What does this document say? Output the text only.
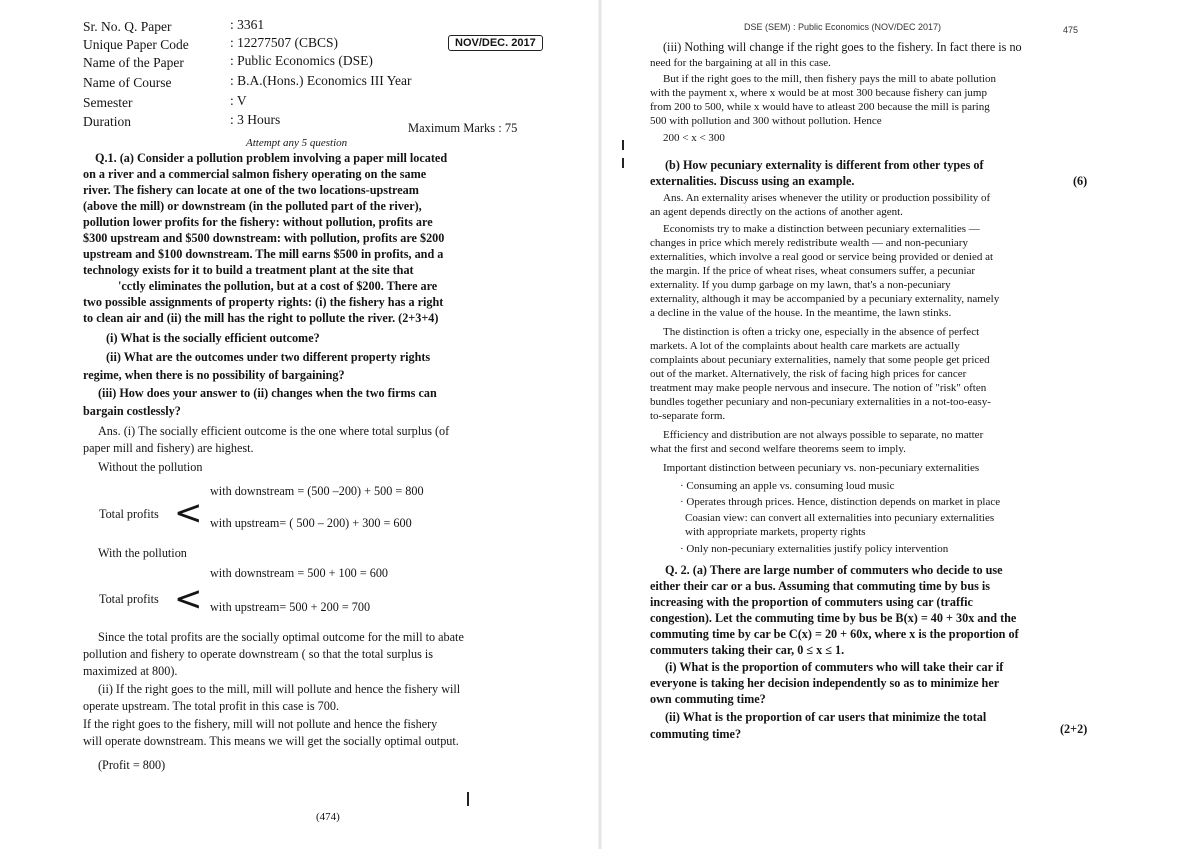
Sr. No. Q. Paper	: 3361
Unique Paper Code	: 12277507 (CBCS)
Name of the Paper	: Public Economics (DSE)
Name of Course	: B.A.(Hons.) Economics III Year
Semester	: V
Duration	: 3 Hours
NOV/DEC. 2017
Maximum Marks : 75
Attempt any 5 question
Q.1. (a) Consider a pollution problem involving a paper mill located
on a river and a commercial salmon fishery operating on the same
river. The fishery can locate at one of the two locations-upstream
(above the mill) or downstream (in the polluted part of the river),
pollution lower profits for the fishery: without pollution, profits are
$300 upstream and $500 downstream: with pollution, profits are $200
upstream and $100 downstream. The mill earns $500 in profits, and a
technology exists for it to build a treatment plant at the site that
'cctly eliminates the pollution, but at a cost of $200. There are
two possible assignments of property rights: (i) the fishery has a right
to clean air and (ii) the mill has the right to pollute the river. (2+3+4)
(i) What is the socially efficient outcome?
(ii) What are the outcomes under two different property rights
regime, when there is no possibility of bargaining?
(iii) How does your answer to (ii) changes when the two firms can
bargain costlessly?
Ans. (i) The socially efficient outcome is the one where total surplus (of
paper mill and fishery) are highest.
Without the pollution
Total profits <
with downstream = (500 –200) + 500 = 800
with upstream= ( 500 – 200) + 300 = 600
With the pollution
Total profits <
with downstream = 500 + 100 = 600
with upstream= 500 + 200 = 700
Since the total profits are the socially optimal outcome for the mill to abate
pollution and fishery to operate downstream ( so that the total surplus is
maximized at 800).
(ii) If the right goes to the mill, mill will pollute and hence the fishery will
operate upstream. The total profit in this case is 700.
If the right goes to the fishery, mill will not pollute and hence the fishery
will operate downstream. This means we will get the socially optimal output.
(Profit = 800)
(474)
DSE (SEM) : Public Economics (NOV/DEC 2017)	475
(iii) Nothing will change if the right goes to the fishery. In fact there is no
need for the bargaining at all in this case.
But if the right goes to the mill, then fishery pays the mill to abate pollution
with the payment x, where x would be at most 300 because fishery can jump
from 200 to 500, while x would have to atleast 200 because the mill is paring
500 with pollution and 300 without pollution. Hence
200 < x < 300
(b) How pecuniary externality is different from other types of
externalities. Discuss using an example.	(6)
Ans. An externality arises whenever the utility or production possibility of
an agent depends directly on the actions of another agent.
Economists try to make a distinction between pecuniary externalities —
changes in price which merely redistribute wealth — and non-pecuniary
externalities, which involve a real good or service being provided or denied at
the margin. If the price of wheat rises, wheat consumers suffer, a pecuniar
externality. If you dump garbage on my lawn, that's a non-pecuniary
externality, although it may be accompanied by a pecuniary externality, namely
a decline in the value of the house. In the meantime, the lawn stinks.
The distinction is often a tricky one, especially in the absence of perfect
markets. A lot of the complaints about health care markets are actually
complaints about pecuniary externalities, namely that some people get priced
out of the market. Alternatively, the risk of facing high prices for cancer
treatment may make people nervous and insecure. The notion of "risk" often
bundles together pecuniary and non-pecuniary externalities in a not-too-easy-
to-separate form.
Efficiency and distribution are not always possible to separate, no matter
what the first and second welfare theorems seem to imply.
Important distinction between pecuniary vs. non-pecuniary externalities
· Consuming an apple vs. consuming loud music
· Operates through prices. Hence, distinction depends on market in place
Coasian view: can convert all externalities into pecuniary externalities
with appropriate markets, property rights
· Only non-pecuniary externalities justify policy intervention
Q. 2. (a) There are large number of commuters who decide to use
either their car or a bus. Assuming that commuting time by bus is
increasing with the proportion of commuters using car (traffic
congestion). Let the commuting time by bus be B(x) = 40 + 30x and the
commuting time by car be C(x) = 20 + 60x, where x is the proportion of
commuters taking their car, 0 ≤ x ≤ 1.
(i) What is the proportion of commuters who will take their car if
everyone is taking her decision independently so as to minimize her
own commuting time?
(ii) What is the proportion of car users that minimize the total
commuting time?	(2+2)
